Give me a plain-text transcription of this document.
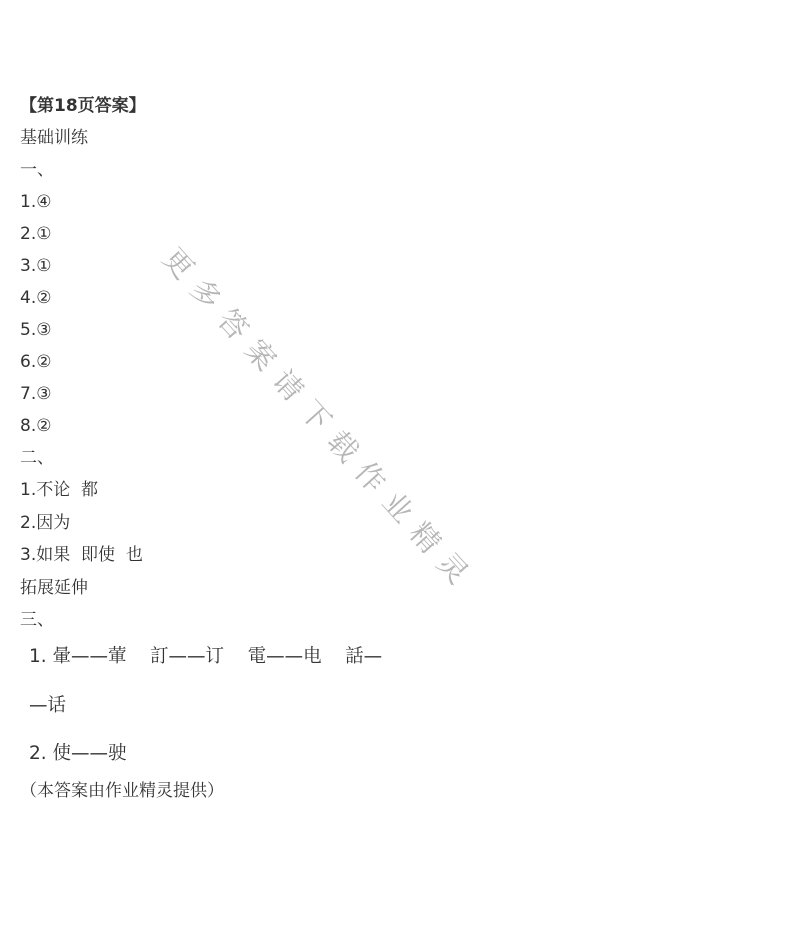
更多答案请下载作业精灵
【第18页答案】
基础训练
一、
1.④
2.①
3.①
4.②
5.③
6.②
7.③
8.②
二、
1.不论  都
2.因为
3.如果  即使  也
拓展延伸
三、
1. 暈——葷    訂——订    電——电    話—
—话
2. 使——驶
（本答案由作业精灵提供）
